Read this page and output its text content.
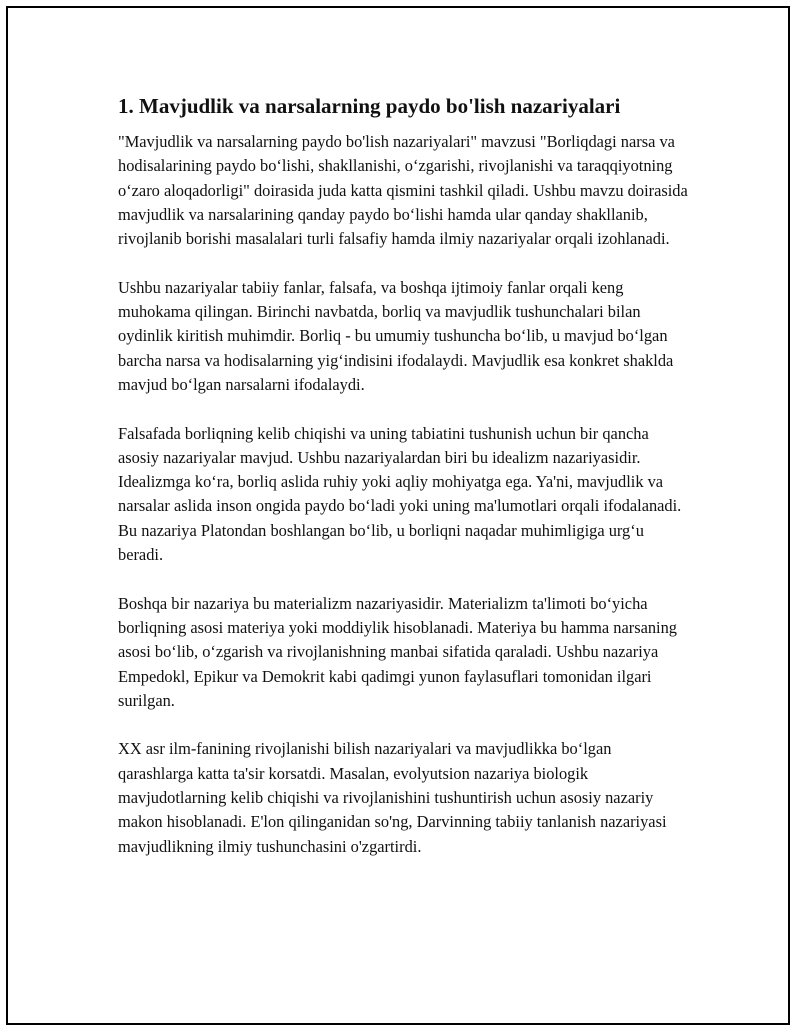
1. Mavjudlik va narsalarning paydo bo'lish nazariyalari

"Mavjudlik va narsalarning paydo bo'lish nazariyalari" mavzusi "Borliqdagi narsa va hodisalarining paydo bo‘lishi, shakllanishi, o‘zgarishi, rivojlanishi va taraqqiyotning o‘zaro aloqadorligi" doirasida juda katta qismini tashkil qiladi. Ushbu mavzu doirasida mavjudlik va narsalarining qanday paydo bo‘lishi hamda ular qanday shakllanib, rivojlanib borishi masalalari turli falsafiy hamda ilmiy nazariyalar orqali izohlanadi.

Ushbu nazariyalar tabiiy fanlar, falsafa, va boshqa ijtimoiy fanlar orqali keng muhokama qilingan. Birinchi navbatda, borliq va mavjudlik tushunchalari bilan oydinlik kiritish muhimdir. Borliq - bu umumiy tushuncha bo‘lib, u mavjud bo‘lgan barcha narsa va hodisalarning yig‘indisini ifodalaydi. Mavjudlik esa konkret shaklda mavjud bo‘lgan narsalarni ifodalaydi.

Falsafada borliqning kelib chiqishi va uning tabiatini tushunish uchun bir qancha asosiy nazariyalar mavjud. Ushbu nazariyalardan biri bu idealizm nazariyasidir. Idealizmga ko‘ra, borliq aslida ruhiy yoki aqliy mohiyatga ega. Ya'ni, mavjudlik va narsalar aslida inson ongida paydo bo‘ladi yoki uning ma'lumotlari orqali ifodalanadi. Bu nazariya Platondan boshlangan bo‘lib, u borliqni naqadar muhimligiga urg‘u beradi.

Boshqa bir nazariya bu materializm nazariyasidir. Materializm ta'limoti bo‘yicha borliqning asosi materiya yoki moddiylik hisoblanadi. Materiya bu hamma narsaning asosi bo‘lib, o‘zgarish va rivojlanishning manbai sifatida qaraladi. Ushbu nazariya Empedokl, Epikur va Demokrit kabi qadimgi yunon faylasuflari tomonidan ilgari surilgan.

XX asr ilm-fanining rivojlanishi bilish nazariyalari va mavjudlikka bo‘lgan qarashlarga katta ta'sir korsatdi. Masalan, evolyutsion nazariya biologik mavjudotlarning kelib chiqishi va rivojlanishini tushuntirish uchun asosiy nazariy makon hisoblanadi. E'lon qilinganidan so'ng, Darvinning tabiiy tanlanish nazariyasi mavjudlikning ilmiy tushunchasini o'zgartirdi.
